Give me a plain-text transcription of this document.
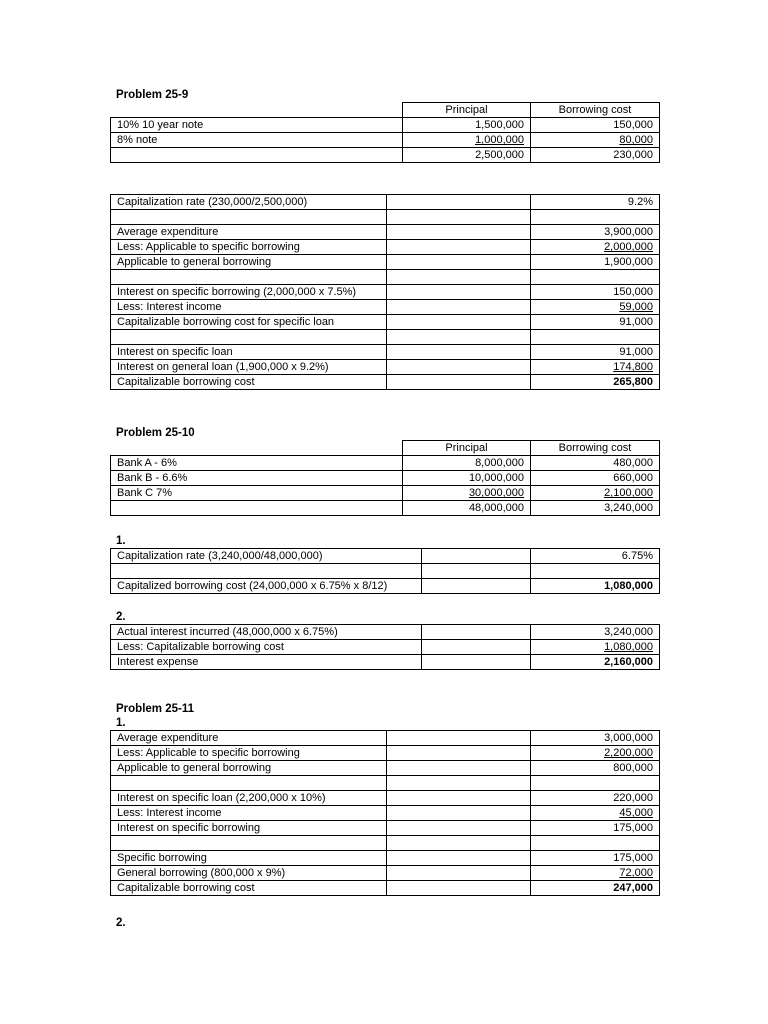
Problem 25-9
	Principal	Borrowing cost
10% 10 year note	1,500,000	150,000
8% note	1,000,000	80,000
	2,500,000	230,000
Capitalization rate (230,000/2,500,000)		9.2%

Average expenditure		3,900,000
Less: Applicable to specific borrowing		2,000,000
Applicable to general borrowing		1,900,000

Interest on specific borrowing (2,000,000 x 7.5%)		150,000
Less: Interest income		59,000
Capitalizable borrowing cost for specific loan		91,000

Interest on specific loan		91,000
Interest on general loan (1,900,000 x 9.2%)		174,800
Capitalizable borrowing cost		265,800
Problem 25-10
	Principal	Borrowing cost
Bank A - 6%	8,000,000	480,000
Bank B - 6.6%	10,000,000	660,000
Bank C 7%	30,000,000	2,100,000
	48,000,000	3,240,000
1.
Capitalization rate (3,240,000/48,000,000)		6.75%

Capitalized borrowing cost (24,000,000 x 6.75% x 8/12)		1,080,000
2.
Actual interest incurred (48,000,000 x 6.75%)		3,240,000
Less: Capitalizable borrowing cost		1,080,000
Interest expense		2,160,000
Problem 25-11
1.
Average expenditure		3,000,000
Less: Applicable to specific borrowing		2,200,000
Applicable to general borrowing		800,000

Interest on specific loan (2,200,000 x 10%)		220,000
Less: Interest income		45,000
Interest on specific borrowing		175,000

Specific borrowing		175,000
General borrowing (800,000 x 9%)		72,000
Capitalizable borrowing cost		247,000
2.
